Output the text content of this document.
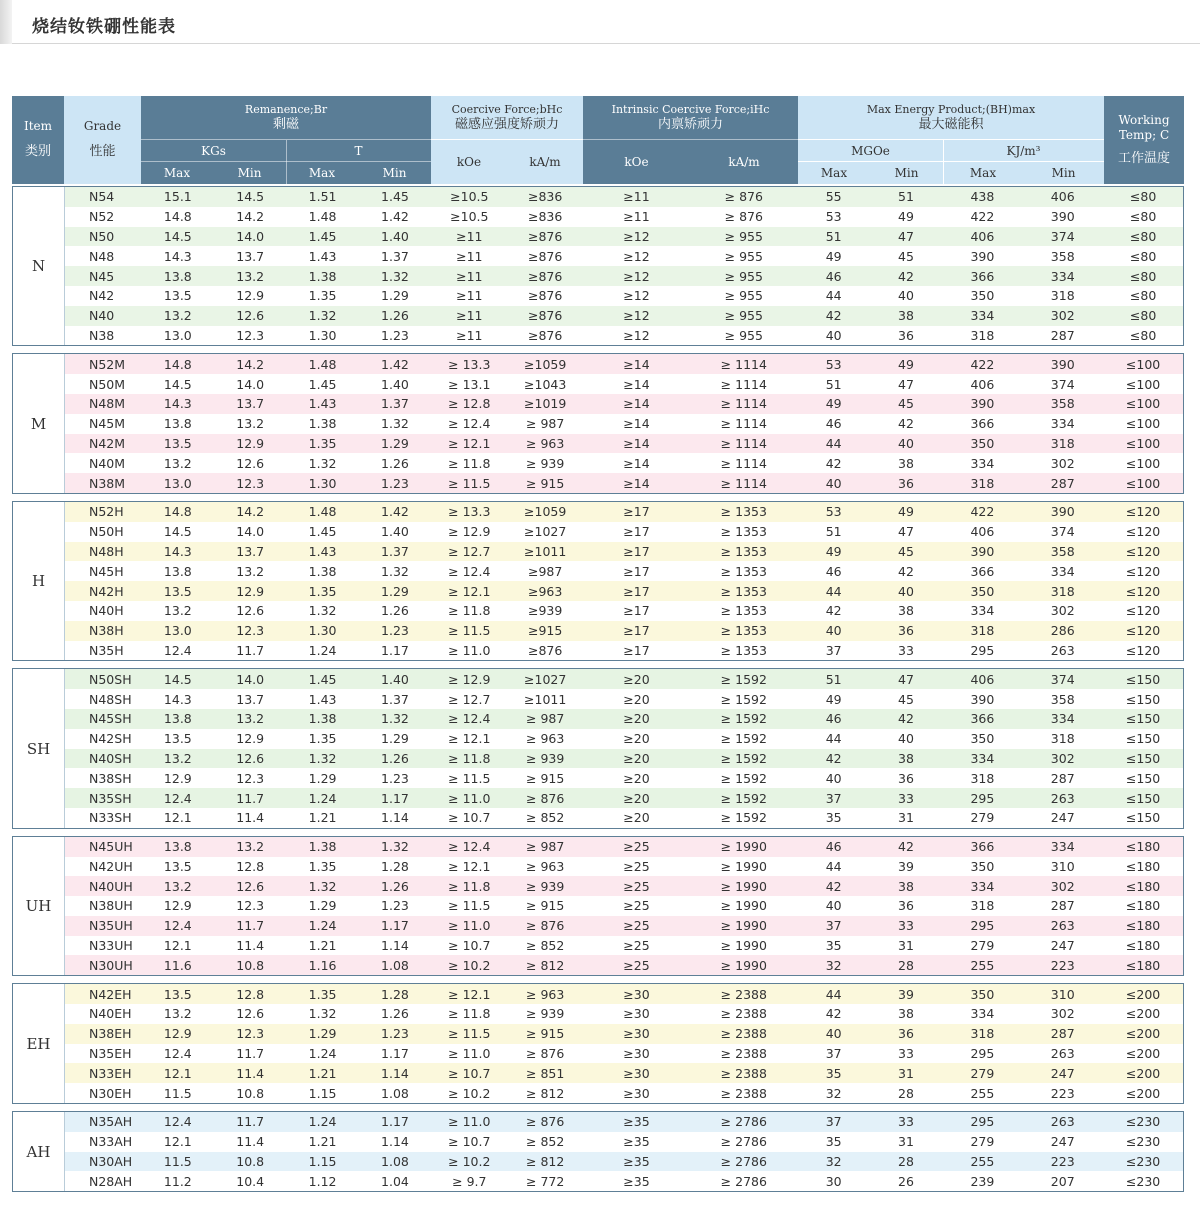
烧结钕铁硼性能表
Item
类别
Grade
性能
Remanence;Br
剩磁
KGs	T
Max	Min	Max	Min
Coercive Force;bHc
磁感应强度矫顽力
kOe	kA/m
Intrinsic Coercive Force;iHc
内禀矫顽力
kOe	kA/m
Max Energy Product;(BH)max
最大磁能积
MGOe	KJ/m³
Max	Min	Max	Min
Working
Temp; C
工作温度
N
N54	15.1	14.5	1.51	1.45	≥10.5	≥836	≥11	≥ 876	55	51	438	406	≤80
N52	14.8	14.2	1.48	1.42	≥10.5	≥836	≥11	≥ 876	53	49	422	390	≤80
N50	14.5	14.0	1.45	1.40	≥11	≥876	≥12	≥ 955	51	47	406	374	≤80
N48	14.3	13.7	1.43	1.37	≥11	≥876	≥12	≥ 955	49	45	390	358	≤80
N45	13.8	13.2	1.38	1.32	≥11	≥876	≥12	≥ 955	46	42	366	334	≤80
N42	13.5	12.9	1.35	1.29	≥11	≥876	≥12	≥ 955	44	40	350	318	≤80
N40	13.2	12.6	1.32	1.26	≥11	≥876	≥12	≥ 955	42	38	334	302	≤80
N38	13.0	12.3	1.30	1.23	≥11	≥876	≥12	≥ 955	40	36	318	287	≤80
M
N52M	14.8	14.2	1.48	1.42	≥ 13.3	≥1059	≥14	≥ 1114	53	49	422	390	≤100
N50M	14.5	14.0	1.45	1.40	≥ 13.1	≥1043	≥14	≥ 1114	51	47	406	374	≤100
N48M	14.3	13.7	1.43	1.37	≥ 12.8	≥1019	≥14	≥ 1114	49	45	390	358	≤100
N45M	13.8	13.2	1.38	1.32	≥ 12.4	≥ 987	≥14	≥ 1114	46	42	366	334	≤100
N42M	13.5	12.9	1.35	1.29	≥ 12.1	≥ 963	≥14	≥ 1114	44	40	350	318	≤100
N40M	13.2	12.6	1.32	1.26	≥ 11.8	≥ 939	≥14	≥ 1114	42	38	334	302	≤100
N38M	13.0	12.3	1.30	1.23	≥ 11.5	≥ 915	≥14	≥ 1114	40	36	318	287	≤100
H
N52H	14.8	14.2	1.48	1.42	≥ 13.3	≥1059	≥17	≥ 1353	53	49	422	390	≤120
N50H	14.5	14.0	1.45	1.40	≥ 12.9	≥1027	≥17	≥ 1353	51	47	406	374	≤120
N48H	14.3	13.7	1.43	1.37	≥ 12.7	≥1011	≥17	≥ 1353	49	45	390	358	≤120
N45H	13.8	13.2	1.38	1.32	≥ 12.4	≥987	≥17	≥ 1353	46	42	366	334	≤120
N42H	13.5	12.9	1.35	1.29	≥ 12.1	≥963	≥17	≥ 1353	44	40	350	318	≤120
N40H	13.2	12.6	1.32	1.26	≥ 11.8	≥939	≥17	≥ 1353	42	38	334	302	≤120
N38H	13.0	12.3	1.30	1.23	≥ 11.5	≥915	≥17	≥ 1353	40	36	318	286	≤120
N35H	12.4	11.7	1.24	1.17	≥ 11.0	≥876	≥17	≥ 1353	37	33	295	263	≤120
SH
N50SH	14.5	14.0	1.45	1.40	≥ 12.9	≥1027	≥20	≥ 1592	51	47	406	374	≤150
N48SH	14.3	13.7	1.43	1.37	≥ 12.7	≥1011	≥20	≥ 1592	49	45	390	358	≤150
N45SH	13.8	13.2	1.38	1.32	≥ 12.4	≥ 987	≥20	≥ 1592	46	42	366	334	≤150
N42SH	13.5	12.9	1.35	1.29	≥ 12.1	≥ 963	≥20	≥ 1592	44	40	350	318	≤150
N40SH	13.2	12.6	1.32	1.26	≥ 11.8	≥ 939	≥20	≥ 1592	42	38	334	302	≤150
N38SH	12.9	12.3	1.29	1.23	≥ 11.5	≥ 915	≥20	≥ 1592	40	36	318	287	≤150
N35SH	12.4	11.7	1.24	1.17	≥ 11.0	≥ 876	≥20	≥ 1592	37	33	295	263	≤150
N33SH	12.1	11.4	1.21	1.14	≥ 10.7	≥ 852	≥20	≥ 1592	35	31	279	247	≤150
UH
N45UH	13.8	13.2	1.38	1.32	≥ 12.4	≥ 987	≥25	≥ 1990	46	42	366	334	≤180
N42UH	13.5	12.8	1.35	1.28	≥ 12.1	≥ 963	≥25	≥ 1990	44	39	350	310	≤180
N40UH	13.2	12.6	1.32	1.26	≥ 11.8	≥ 939	≥25	≥ 1990	42	38	334	302	≤180
N38UH	12.9	12.3	1.29	1.23	≥ 11.5	≥ 915	≥25	≥ 1990	40	36	318	287	≤180
N35UH	12.4	11.7	1.24	1.17	≥ 11.0	≥ 876	≥25	≥ 1990	37	33	295	263	≤180
N33UH	12.1	11.4	1.21	1.14	≥ 10.7	≥ 852	≥25	≥ 1990	35	31	279	247	≤180
N30UH	11.6	10.8	1.16	1.08	≥ 10.2	≥ 812	≥25	≥ 1990	32	28	255	223	≤180
EH
N42EH	13.5	12.8	1.35	1.28	≥ 12.1	≥ 963	≥30	≥ 2388	44	39	350	310	≤200
N40EH	13.2	12.6	1.32	1.26	≥ 11.8	≥ 939	≥30	≥ 2388	42	38	334	302	≤200
N38EH	12.9	12.3	1.29	1.23	≥ 11.5	≥ 915	≥30	≥ 2388	40	36	318	287	≤200
N35EH	12.4	11.7	1.24	1.17	≥ 11.0	≥ 876	≥30	≥ 2388	37	33	295	263	≤200
N33EH	12.1	11.4	1.21	1.14	≥ 10.7	≥ 851	≥30	≥ 2388	35	31	279	247	≤200
N30EH	11.5	10.8	1.15	1.08	≥ 10.2	≥ 812	≥30	≥ 2388	32	28	255	223	≤200
AH
N35AH	12.4	11.7	1.24	1.17	≥ 11.0	≥ 876	≥35	≥ 2786	37	33	295	263	≤230
N33AH	12.1	11.4	1.21	1.14	≥ 10.7	≥ 852	≥35	≥ 2786	35	31	279	247	≤230
N30AH	11.5	10.8	1.15	1.08	≥ 10.2	≥ 812	≥35	≥ 2786	32	28	255	223	≤230
N28AH	11.2	10.4	1.12	1.04	≥ 9.7	≥ 772	≥35	≥ 2786	30	26	239	207	≤230
